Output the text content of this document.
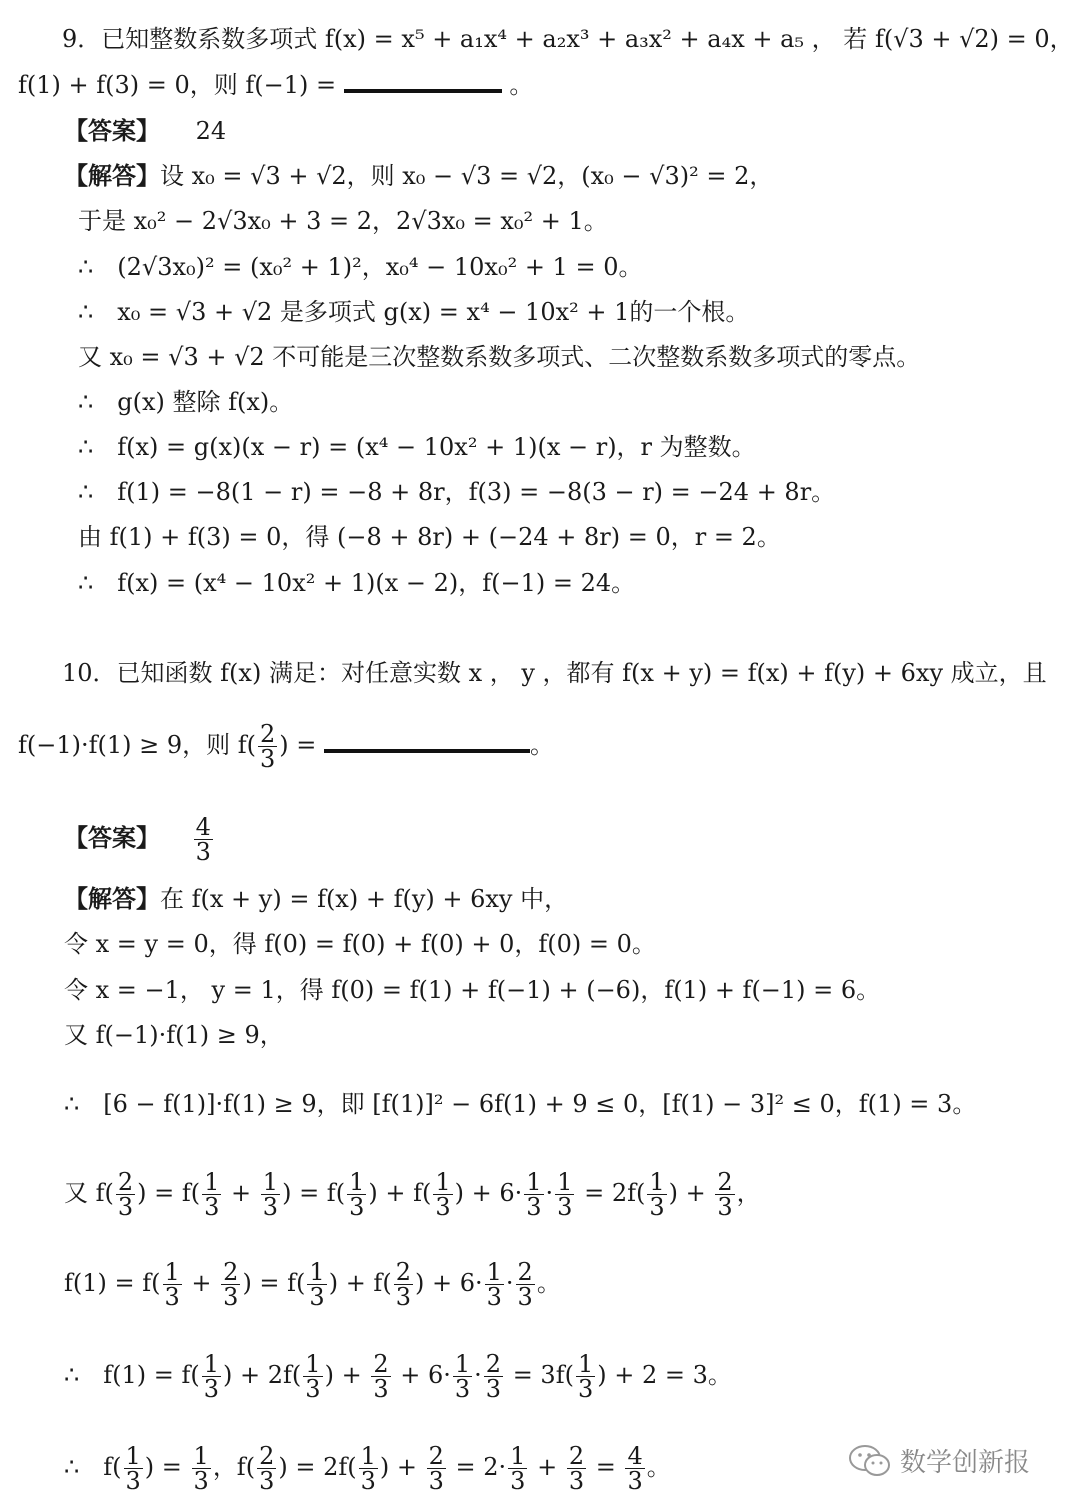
9．已知整数系数多项式 f(x) = x⁵ + a₁x⁴ + a₂x³ + a₃x² + a₄x + a₅ ， 若 f(√3 + √2) = 0，
f(1) + f(3) = 0，则 f(−1) =	。
【答案】 24
【解答】设 x₀ = √3 + √2，则 x₀ − √3 = √2，(x₀ − √3)² = 2，
于是 x₀² − 2√3x₀ + 3 = 2，2√3x₀ = x₀² + 1。
∴　(2√3x₀)² = (x₀² + 1)²，x₀⁴ − 10x₀² + 1 = 0。
∴　x₀ = √3 + √2 是多项式 g(x) = x⁴ − 10x² + 1的一个根。
又 x₀ = √3 + √2 不可能是三次整数系数多项式、二次整数系数多项式的零点。
∴　g(x) 整除 f(x)。
∴　f(x) = g(x)(x − r) = (x⁴ − 10x² + 1)(x − r)，r 为整数。
∴　f(1) = −8(1 − r) = −8 + 8r，f(3) = −8(3 − r) = −24 + 8r。
由 f(1) + f(3) = 0，得 (−8 + 8r) + (−24 + 8r) = 0，r = 2。
∴　f(x) = (x⁴ − 10x² + 1)(x − 2)，f(−1) = 24。
10．已知函数 f(x) 满足：对任意实数 x ， y ，都有 f(x + y) = f(x) + f(y) + 6xy 成立，且
f(−1)·f(1) ≥ 9，则 $f( \frac{2}{3}$ ) =	。
【答案】 $\frac{4}{3}$
【解答】在 f(x + y) = f(x) + f(y) + 6xy 中，
令 x = y = 0，得 f(0) = f(0) + f(0) + 0，f(0) = 0。
令 x = −1， y = 1，得 f(0) = f(1) + f(−1) + (−6)，f(1) + f(−1) = 6。
又 f(−1)·f(1) ≥ 9，
∴　[6 − f(1)]·f(1) ≥ 9，即 [f(1)]² − 6f(1) + 9 ≤ 0，[f(1) − 3]² ≤ 0，f(1) = 3。
又 $f( \frac{2}{3}$ ) = $f( \frac{1}{3} + \frac{1}{3}$ ) = $f( \frac{1}{3}$ ) + $f( \frac{1}{3}$ ) + $6\cdot \frac{1}{3} \cdot \frac{1}{3} = 2f( \frac{1}{3}$ ) + $\frac{2}{3}$ ，
$f(1) = f( \frac{1}{3} + \frac{2}{3}$ ) = $f( \frac{1}{3}$ ) + $f( \frac{2}{3}$ ) + $6\cdot \frac{1}{3} \cdot \frac{2}{3}$ 。
∴　$f(1) = f( \frac{1}{3}$ ) + $2f( \frac{1}{3}$ ) + $\frac{2}{3} + 6\cdot \frac{1}{3} \cdot \frac{2}{3} = 3f( \frac{1}{3}$ ) + 2 = 3。
∴　$f( \frac{1}{3}$ ) = $\frac{1}{3}$ ，$f( \frac{2}{3}$ ) = $2f( \frac{1}{3}$ ) + $\frac{2}{3} = 2\cdot \frac{1}{3} + \frac{2}{3} = \frac{4}{3}$ 。	数学创新报
